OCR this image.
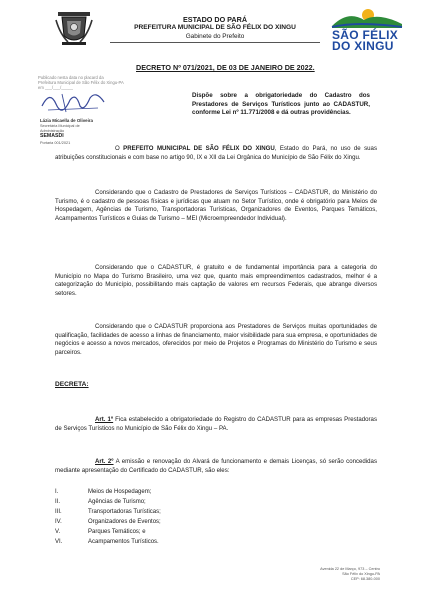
ESTADO DO PARÁ
PREFEITURA MUNICIPAL DE SÃO FÉLIX DO XINGU
Gabinete do Prefeito	SÃO FÉLIX
DO XINGU
DECRETO Nº 071/2021, DE 03 DE JANEIRO DE 2022.
Publicado nesta data no placard da
Prefeitura Municipal de São Félix do Xingu-PA
em ___/___/_____
Lázia Micaella de Oliveira
Secretária Municipal de
Administração
SEMASDI
Portaria 001/2021
Dispõe sobre a obrigatoriedade do Cadastro dos Prestadores de Serviços Turísticos junto ao CADASTUR, conforme Lei nº 11.771/2008 e dá outras providências.
O PREFEITO MUNICIPAL DE SÃO FÉLIX DO XINGU, Estado do Pará, no uso de suas atribuições constitucionais e com base no artigo 90, IX e XII da Lei Orgânica do Município de São Félix do Xingu.
Considerando que o Cadastro de Prestadores de Serviços Turísticos – CADASTUR, do Ministério do Turismo, é o cadastro de pessoas físicas e jurídicas que atuam no Setor Turístico, onde é obrigatório para Meios de Hospedagem, Agências de Turismo, Transportadoras Turísticas, Organizadores de Eventos, Parques Temáticos, Acampamentos Turísticos e Guias de Turismo – MEI (Microempreendedor Individual).
Considerando que o CADASTUR, é gratuito e de fundamental importância para a categoria do Município no Mapa do Turismo Brasileiro, uma vez que, quanto mais empreendimentos cadastrados, melhor é a categorização do Município, possibilitando mais captação de valores em recursos Federais, que abrange diversos setores.
Considerando que o CADASTUR proporciona aos Prestadores de Serviços muitas oportunidades de qualificação, facilidades de acesso a linhas de financiamento, maior visibilidade para sua empresa, e oportunidades de negócios e acesso a novos mercados, oferecidos por meio de Projetos e Programas do Ministério do Turismo e seus parceiros.
DECRETA:
Art. 1º Fica estabelecido a obrigatoriedade do Registro do CADASTUR para as empresas Prestadoras de Serviços Turísticos no Município de São Félix do Xingu – PA.
Art. 2º A emissão e renovação do Alvará de funcionamento e demais Licenças, só serão concedidas mediante apresentação do Certificado do CADASTUR, são eles:
I.	Meios de Hospedagem;
II.	Agências de Turismo;
III.	Transportadoras Turísticas;
IV.	Organizadores de Eventos;
V.	Parques Temáticos; e
VI.	Acampamentos Turísticos.
Avenida 22 de Março, 973 – Centro
São Félix do Xingu-PA
CEP: 68.380-000
